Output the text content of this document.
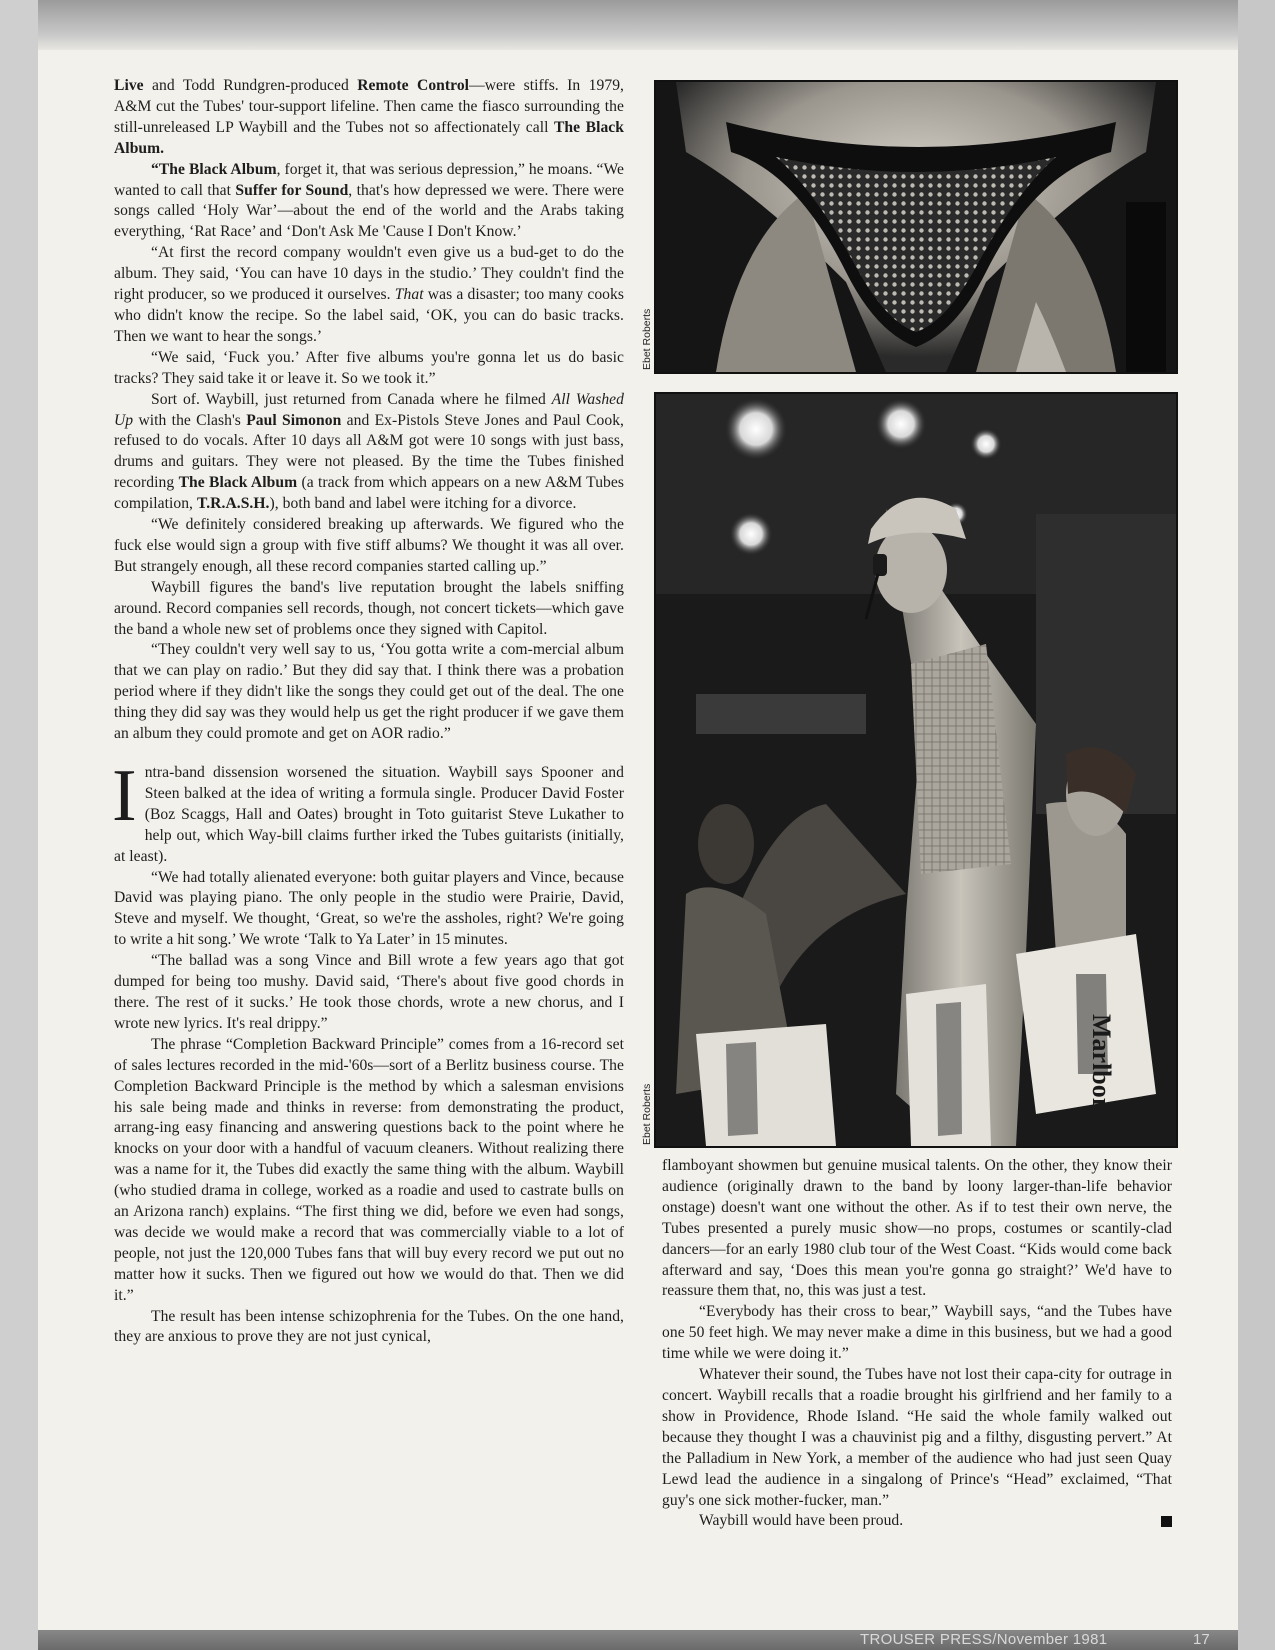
Live and Todd Rundgren-produced Remote Control—were stiffs. In 1979, A&M cut the Tubes' tour-support lifeline. Then came the fiasco surrounding the still-unreleased LP Waybill and the Tubes not so affectionately call The Black Album.

“The Black Album, forget it, that was serious depression,” he moans. “We wanted to call that Suffer for Sound, that's how depressed we were. There were songs called ‘Holy War’—about the end of the world and the Arabs taking everything, ‘Rat Race’ and ‘Don't Ask Me 'Cause I Don't Know.’

“At first the record company wouldn't even give us a bud-get to do the album. They said, ‘You can have 10 days in the studio.’ They couldn't find the right producer, so we produced it ourselves. That was a disaster; too many cooks who didn't know the recipe. So the label said, ‘OK, you can do basic tracks. Then we want to hear the songs.’

“We said, ‘Fuck you.’ After five albums you're gonna let us do basic tracks? They said take it or leave it. So we took it.”

Sort of. Waybill, just returned from Canada where he filmed All Washed Up with the Clash's Paul Simonon and Ex-Pistols Steve Jones and Paul Cook, refused to do vocals. After 10 days all A&M got were 10 songs with just bass, drums and guitars. They were not pleased. By the time the Tubes finished recording The Black Album (a track from which appears on a new A&M Tubes compilation, T.R.A.S.H.), both band and label were itching for a divorce.

“We definitely considered breaking up afterwards. We figured who the fuck else would sign a group with five stiff albums? We thought it was all over. But strangely enough, all these record companies started calling up.”

Waybill figures the band's live reputation brought the labels sniffing around. Record companies sell records, though, not concert tickets—which gave the band a whole new set of problems once they signed with Capitol.

“They couldn't very well say to us, ‘You gotta write a com-mercial album that we can play on radio.’ But they did say that. I think there was a probation period where if they didn't like the songs they could get out of the deal. The one thing they did say was they would help us get the right producer if we gave them an album they could promote and get on AOR radio.”

Intra-band dissension worsened the situation. Waybill says Spooner and Steen balked at the idea of writing a formula single. Producer David Foster (Boz Scaggs, Hall and Oates) brought in Toto guitarist Steve Lukather to help out, which Way-bill claims further irked the Tubes guitarists (initially, at least).

“We had totally alienated everyone: both guitar players and Vince, because David was playing piano. The only people in the studio were Prairie, David, Steve and myself. We thought, ‘Great, so we're the assholes, right? We're going to write a hit song.’ We wrote ‘Talk to Ya Later’ in 15 minutes.

“The ballad was a song Vince and Bill wrote a few years ago that got dumped for being too mushy. David said, ‘There's about five good chords in there. The rest of it sucks.’ He took those chords, wrote a new chorus, and I wrote new lyrics. It's real drippy.”

The phrase “Completion Backward Principle” comes from a 16-record set of sales lectures recorded in the mid-'60s—sort of a Berlitz business course. The Completion Backward Principle is the method by which a salesman envisions his sale being made and thinks in reverse: from demonstrating the product, arrang-ing easy financing and answering questions back to the point where he knocks on your door with a handful of vacuum cleaners. Without realizing there was a name for it, the Tubes did exactly the same thing with the album. Waybill (who studied drama in college, worked as a roadie and used to castrate bulls on an Arizona ranch) explains. “The first thing we did, before we even had songs, was decide we would make a record that was commercially viable to a lot of people, not just the 120,000 Tubes fans that will buy every record we put out no matter how it sucks. Then we figured out how we would do that. Then we did it.”

The result has been intense schizophrenia for the Tubes. On the one hand, they are anxious to prove they are not just cynical,

Ebet Roberts
Marlboro
Ebet Roberts

flamboyant showmen but genuine musical talents. On the other, they know their audience (originally drawn to the band by loony larger-than-life behavior onstage) doesn't want one without the other. As if to test their own nerve, the Tubes presented a purely music show—no props, costumes or scantily-clad dancers—for an early 1980 club tour of the West Coast. “Kids would come back afterward and say, ‘Does this mean you're gonna go straight?’ We'd have to reassure them that, no, this was just a test.

“Everybody has their cross to bear,” Waybill says, “and the Tubes have one 50 feet high. We may never make a dime in this business, but we had a good time while we were doing it.”

Whatever their sound, the Tubes have not lost their capa-city for outrage in concert. Waybill recalls that a roadie brought his girlfriend and her family to a show in Providence, Rhode Island. “He said the whole family walked out because they thought I was a chauvinist pig and a filthy, disgusting pervert.” At the Palladium in New York, a member of the audience who had just seen Quay Lewd lead the audience in a singalong of Prince's “Head” exclaimed, “That guy's one sick mother-fucker, man.”

Waybill would have been proud.

TROUSER PRESS/November 1981	17
